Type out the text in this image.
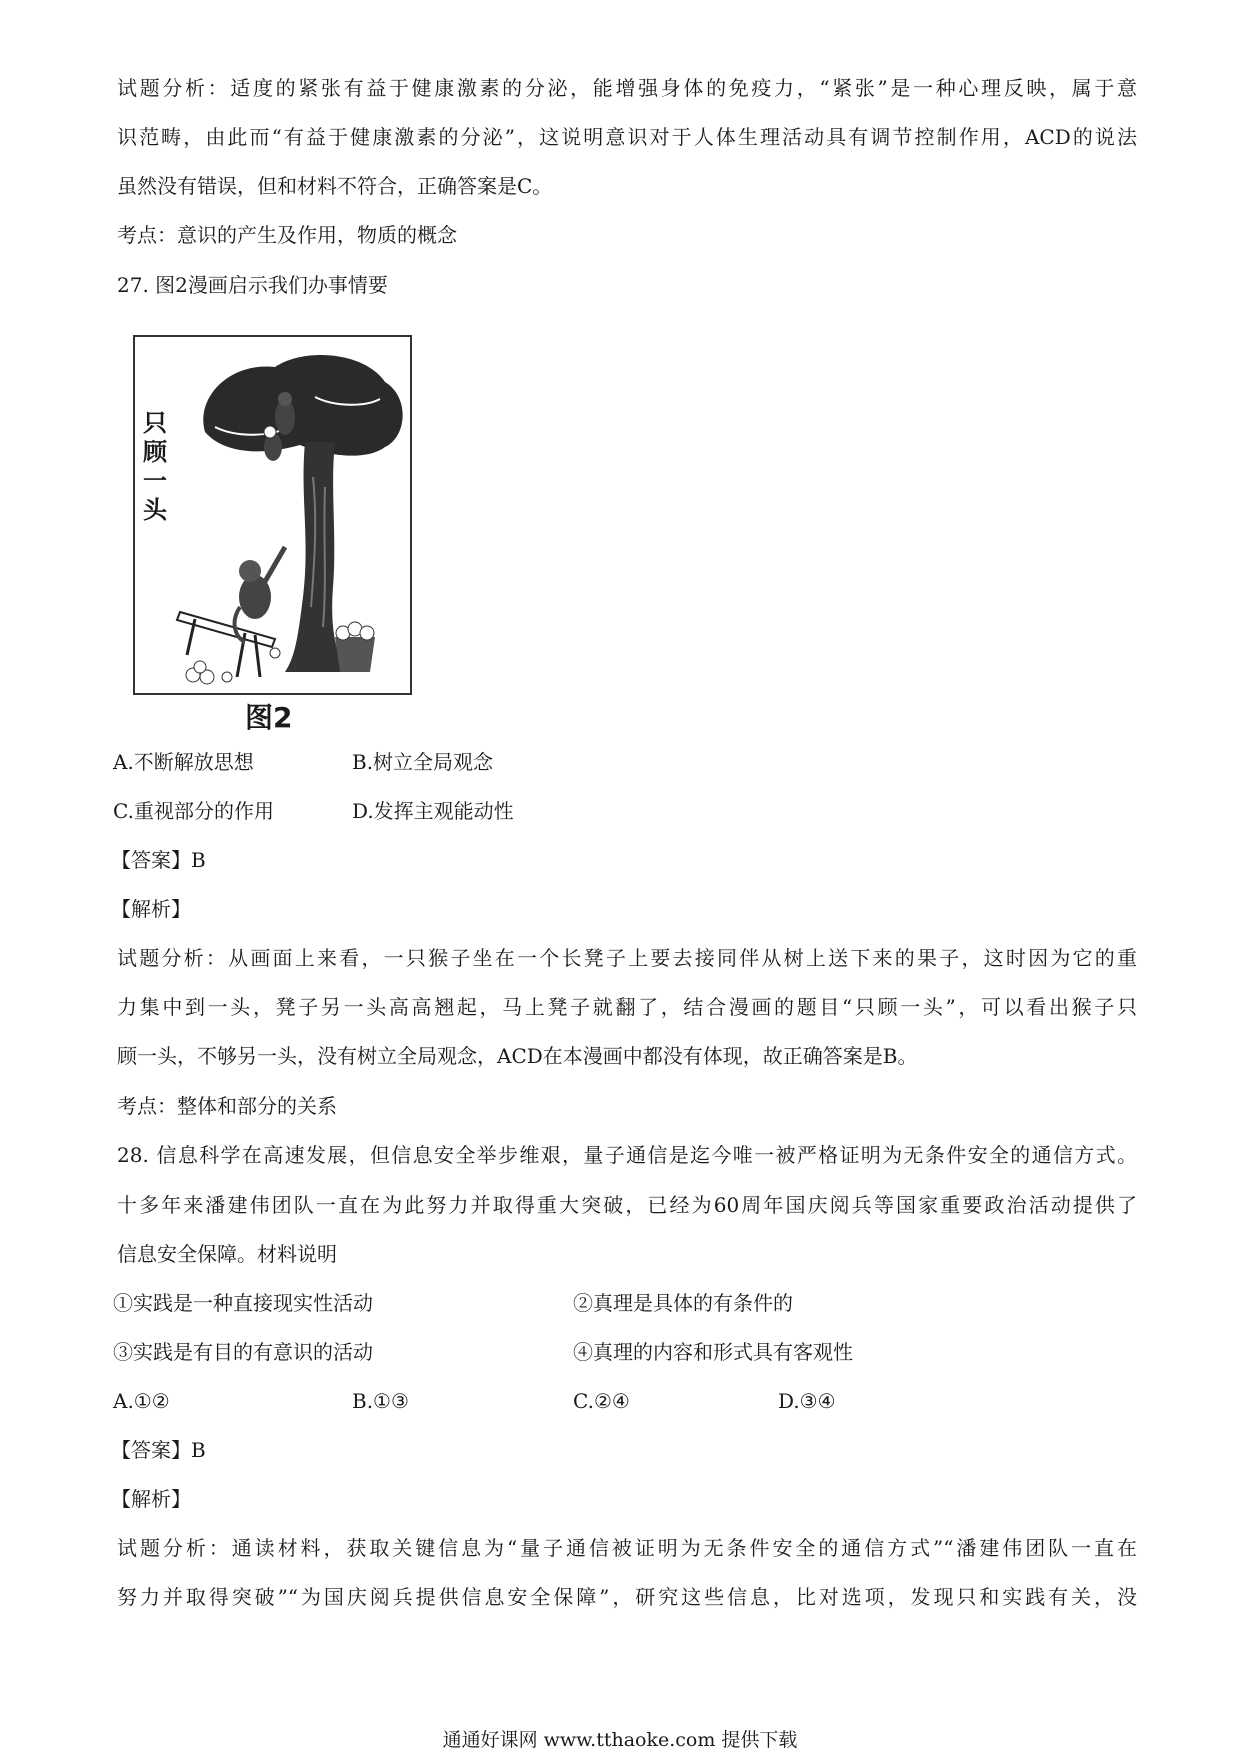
试题分析：适度的紧张有益于健康激素的分泌，能增强身体的免疫力，“紧张”是一种心理反映，属于意
识范畴，由此而“有益于健康激素的分泌”，这说明意识对于人体生理活动具有调节控制作用，ACD的说法
虽然没有错误，但和材料不符合，正确答案是C。
考点：意识的产生及作用，物质的概念
27. 图2漫画启示我们办事情要
只
顾
一
头
图2
A.不断解放思想	B.树立全局观念
C.重视部分的作用	D.发挥主观能动性
【答案】B
【解析】
试题分析：从画面上来看，一只猴子坐在一个长凳子上要去接同伴从树上送下来的果子，这时因为它的重
力集中到一头，凳子另一头高高翘起，马上凳子就翻了，结合漫画的题目“只顾一头”，可以看出猴子只
顾一头，不够另一头，没有树立全局观念，ACD在本漫画中都没有体现，故正确答案是B。
考点：整体和部分的关系
28. 信息科学在高速发展，但信息安全举步维艰，量子通信是迄今唯一被严格证明为无条件安全的通信方式。
十多年来潘建伟团队一直在为此努力并取得重大突破，已经为60周年国庆阅兵等国家重要政治活动提供了
信息安全保障。材料说明
①实践是一种直接现实性活动	②真理是具体的有条件的
③实践是有目的有意识的活动	④真理的内容和形式具有客观性
A.①②	B.①③	C.②④	D.③④
【答案】B
【解析】
试题分析：通读材料，获取关键信息为“量子通信被证明为无条件安全的通信方式”“潘建伟团队一直在
努力并取得突破”“为国庆阅兵提供信息安全保障”，研究这些信息，比对选项，发现只和实践有关，没
通通好课网 www.tthaoke.com 提供下载
